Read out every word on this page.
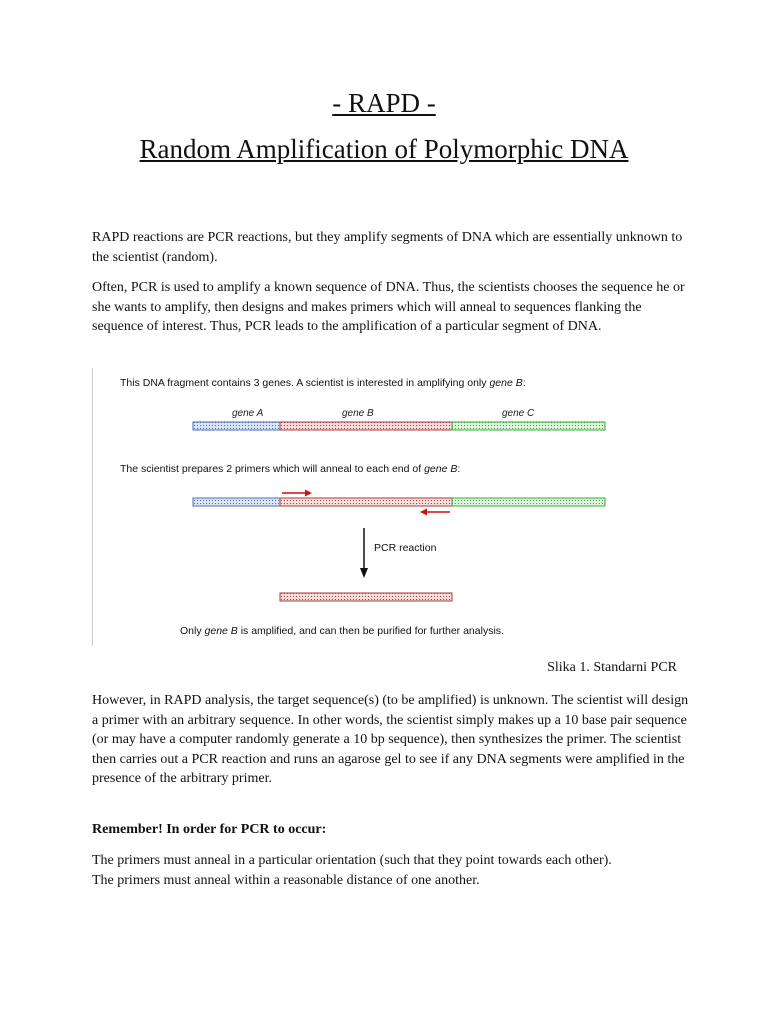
- RAPD -
Random Amplification of Polymorphic DNA

RAPD reactions are PCR reactions, but they amplify segments of DNA which are essentially unknown to the scientist (random).

Often, PCR is used to amplify a known sequence of DNA. Thus, the scientists chooses the sequence he or she wants to amplify, then designs and makes primers which will anneal to sequences flanking the sequence of interest. Thus, PCR leads to the amplification of a particular segment of DNA.

This DNA fragment contains 3 genes. A scientist is interested in amplifying only gene B:
gene A	gene B	gene C
The scientist prepares 2 primers which will anneal to each end of gene B:
PCR reaction
Only gene B is amplified, and can then be purified for further analysis.
Slika 1. Standarni PCR

However, in RAPD analysis, the target sequence(s) (to be amplified) is unknown. The scientist will design a primer with an arbitrary sequence. In other words, the scientist simply makes up a 10 base pair sequence (or may have a computer randomly generate a 10 bp sequence), then synthesizes the primer. The scientist then carries out a PCR reaction and runs an agarose gel to see if any DNA segments were amplified in the presence of the arbitrary primer.

Remember! In order for PCR to occur:

The primers must anneal in a particular orientation (such that they point towards each other).
The primers must anneal within a reasonable distance of one another.
